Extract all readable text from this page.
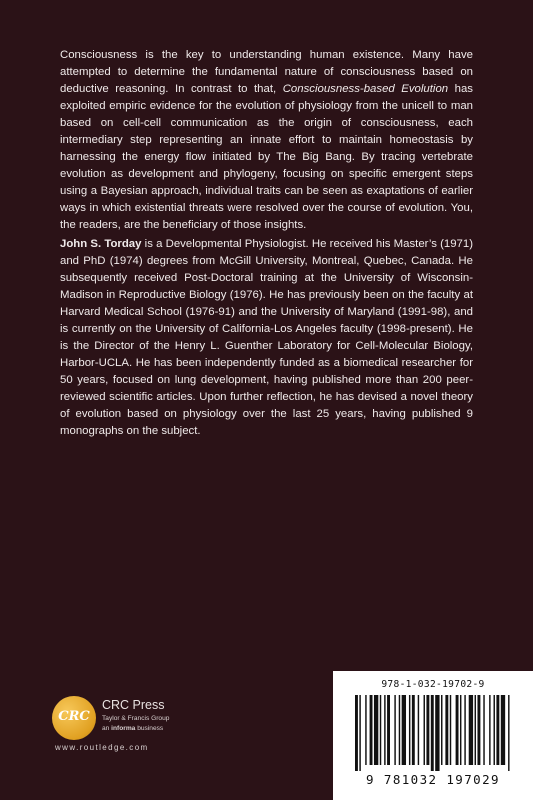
Consciousness is the key to understanding human existence. Many have attempted to determine the fundamental nature of consciousness based on deductive reasoning. In contrast to that, Consciousness-based Evolution has exploited empiric evidence for the evolution of physiology from the unicell to man based on cell-cell communication as the origin of consciousness, each intermediary step representing an innate effort to maintain homeostasis by harnessing the energy flow initiated by The Big Bang. By tracing vertebrate evolution as development and phylogeny, focusing on specific emergent steps using a Bayesian approach, individual traits can be seen as exaptations of earlier ways in which existential threats were resolved over the course of evolution. You, the readers, are the beneficiary of those insights.

John S. Torday is a Developmental Physiologist. He received his Master’s (1971) and PhD (1974) degrees from McGill University, Montreal, Quebec, Canada. He subsequently received Post-Doctoral training at the University of Wisconsin-Madison in Reproductive Biology (1976). He has previously been on the faculty at Harvard Medical School (1976-91) and the University of Maryland (1991-98), and is currently on the University of California-Los Angeles faculty (1998-present). He is the Director of the Henry L. Guenther Laboratory for Cell-Molecular Biology, Harbor-UCLA. He has been independently funded as a biomedical researcher for 50 years, focused on lung development, having published more than 200 peer-reviewed scientific articles. Upon further reflection, he has devised a novel theory of evolution based on physiology over the last 25 years, having published 9 monographs on the subject.

CRC
CRC Press
Taylor & Francis Group
an informa business
www.routledge.com
978-1-032-19702-9
9 781032 197029
